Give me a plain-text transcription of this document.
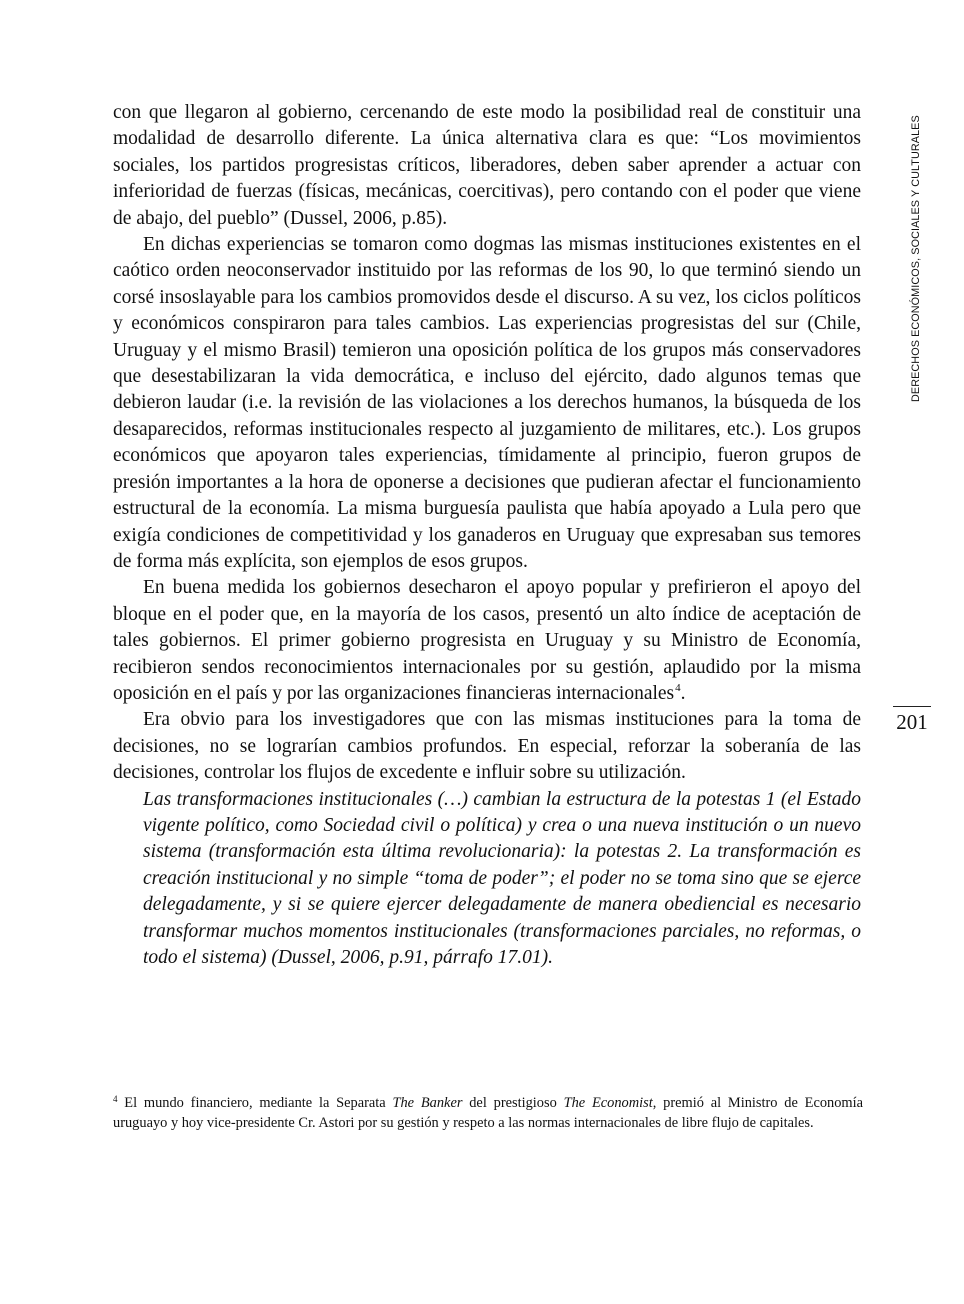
con que llegaron al gobierno, cercenando de este modo la posibilidad real de constituir una modalidad de desarrollo diferente. La única alternativa clara es que: “Los movimientos sociales, los partidos progresistas críticos, liberadores, deben saber aprender a actuar con inferioridad de fuerzas (físicas, mecánicas, coercitivas), pero contando con el poder que viene de abajo, del pueblo” (Dussel, 2006, p.85).

En dichas experiencias se tomaron como dogmas las mismas instituciones existentes en el caótico orden neoconservador instituido por las reformas de los 90, lo que terminó siendo un corsé insoslayable para los cambios promovidos desde el discurso. A su vez, los ciclos políticos y económicos conspiraron para tales cambios. Las experiencias progresistas del sur (Chile, Uruguay y el mismo Brasil) temieron una oposición política de los grupos más conservadores que desestabilizaran la vida democrática, e incluso del ejército, dado algunos temas que debieron laudar (i.e. la revisión de las violaciones a los derechos humanos, la búsqueda de los desaparecidos, reformas institucionales respecto al juzgamiento de militares, etc.). Los grupos económicos que apoyaron tales experiencias, tímidamente al principio, fueron grupos de presión importantes a la hora de oponerse a decisiones que pudieran afectar el funcionamiento estructural de la economía. La misma burguesía paulista que había apoyado a Lula pero que exigía condiciones de competitividad y los ganaderos en Uruguay que expresaban sus temores de forma más explícita, son ejemplos de esos grupos.

En buena medida los gobiernos desecharon el apoyo popular y prefirieron el apoyo del bloque en el poder que, en la mayoría de los casos, presentó un alto índice de aceptación de tales gobiernos. El primer gobierno progresista en Uruguay y su Ministro de Economía, recibieron sendos reconocimientos internacionales por su gestión, aplaudido por la misma oposición en el país y por las organizaciones financieras internacionales$^4$.

Era obvio para los investigadores que con las mismas instituciones para la toma de decisiones, no se lograrían cambios profundos. En especial, reforzar la soberanía de las decisiones, controlar los flujos de excedente e influir sobre su utilización.

Las transformaciones institucionales (…) cambian la estructura de la potestas 1 (el Estado vigente político, como Sociedad civil o política) y crea o una nueva institución o un nuevo sistema (transformación esta última revolucionaria): la potestas 2. La transformación es creación institucional y no simple “toma de poder”; el poder no se toma sino que se ejerce delegadamente, y si se quiere ejercer delegadamente de manera obediencial es necesario transformar muchos momentos institucionales (transformaciones parciales, no reformas, o todo el sistema) (Dussel, 2006, p.91, párrafo 17.01).

DERECHOS ECONÓMICOS, SOCIALES Y CULTURALES
201
$^4$ El mundo financiero, mediante la Separata The Banker del prestigioso The Economist, premió al Ministro de Economía uruguayo y hoy vice-presidente Cr. Astori por su gestión y respeto a las normas internacionales de libre flujo de capitales.
